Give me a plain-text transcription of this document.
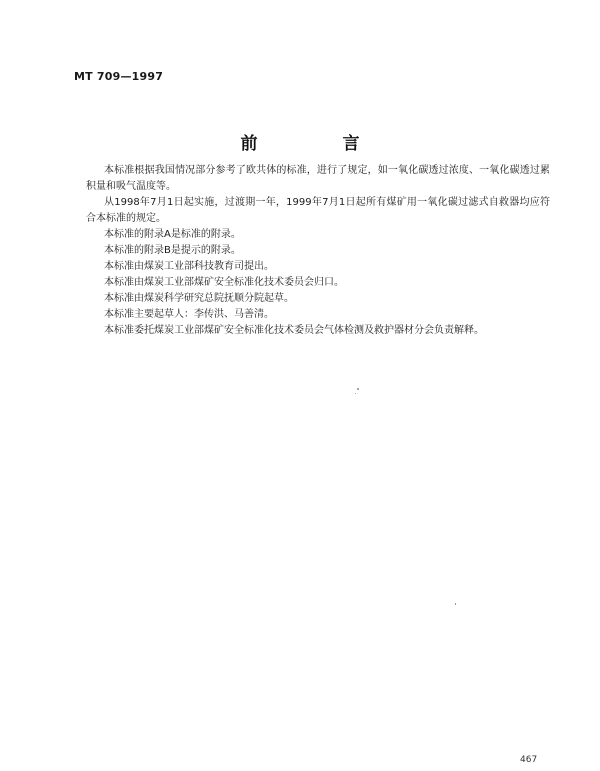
MT 709—1997
前　言

本标准根据我国情况部分参考了欧共体的标准，进行了规定，如一氧化碳透过浓度、一氧化碳透过累积量和吸气温度等。

从1998年7月1日起实施，过渡期一年，1999年7月1日起所有煤矿用一氧化碳过滤式自救器均应符合本标准的规定。

本标准的附录A是标准的附录。

本标准的附录B是提示的附录。

本标准由煤炭工业部科技教育司提出。

本标准由煤炭工业部煤矿安全标准化技术委员会归口。

本标准由煤炭科学研究总院抚顺分院起草。

本标准主要起草人：李传洪、马善清。

本标准委托煤炭工业部煤矿安全标准化技术委员会气体检测及救护器材分会负责解释。

467
